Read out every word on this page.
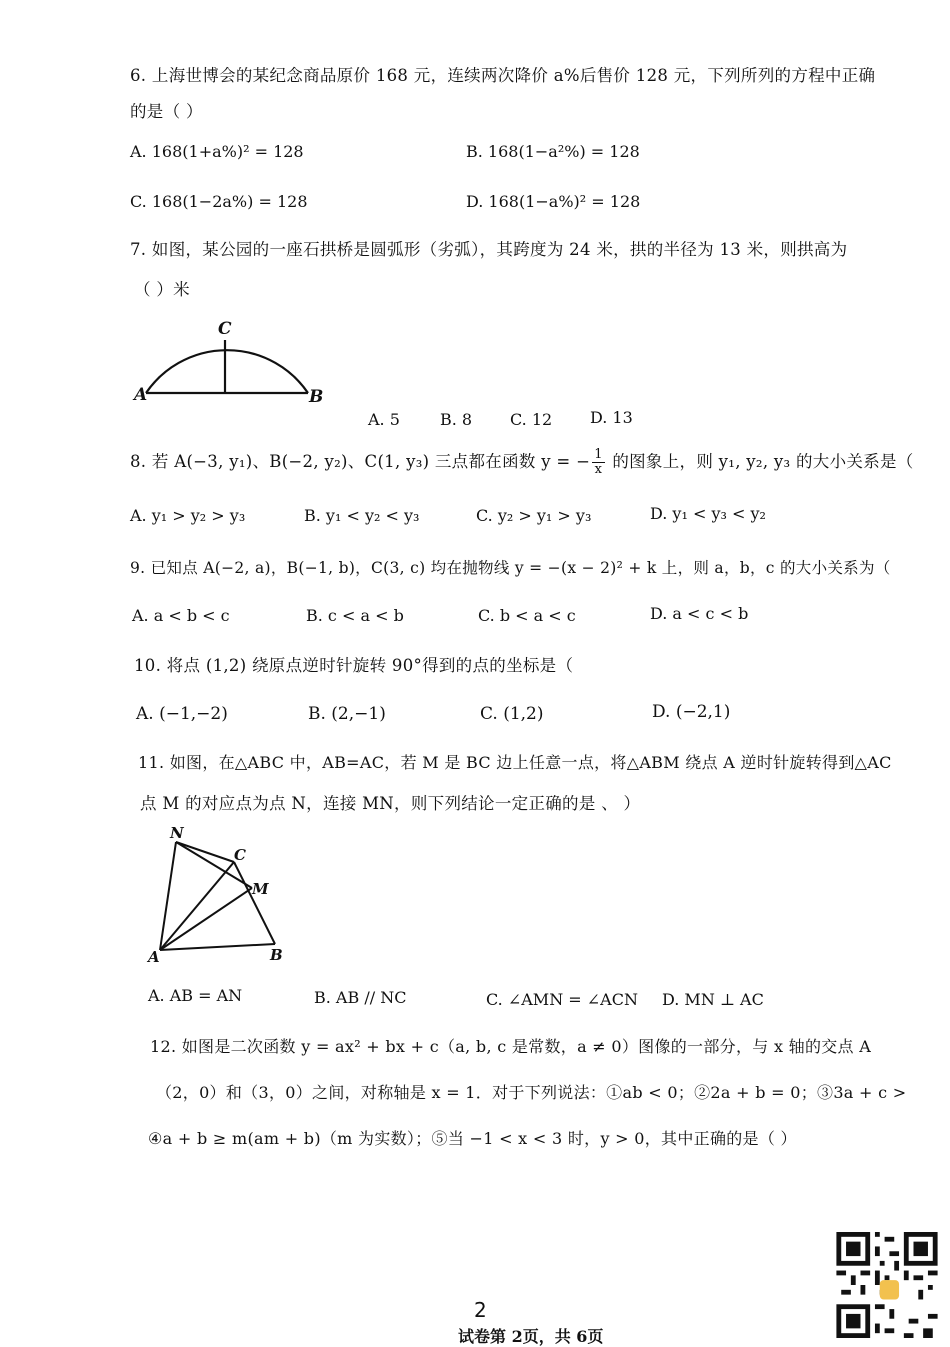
6. 上海世博会的某纪念商品原价 168 元，连续两次降价 a%后售价 128 元，下列所列的方程中正确
的是（ ）
A. 168(1+a%)² = 128	B. 168(1−a²%) = 128
C. 168(1−2a%) = 128	D. 168(1−a%)² = 128
7. 如图，某公园的一座石拱桥是圆弧形（劣弧），其跨度为 24 米，拱的半径为 13 米，则拱高为
（ ）米
C
A	B
A. 5	B. 8 C. 12 D. 13
8. 若 A(−3, y₁)、B(−2, y₂)、C(1, y₃) 三点都在函数 y = − $\frac{1}{x}$ 的图象上，则 y₁, y₂, y₃ 的大小关系是（
A. y₁ > y₂ > y₃	B. y₁ < y₂ < y₃	C. y₂ > y₁ > y₃	D. y₁ < y₃ < y₂
9. 已知点 A(−2, a)，B(−1, b)，C(3, c) 均在抛物线 y = −(x − 2)² + k 上，则 a，b，c 的大小关系为（
A. a < b < c	B. c < a < b	C. b < a < c	D. a < c < b
10. 将点 (1,2) 绕原点逆时针旋转 90°得到的点的坐标是（
A. (−1,−2)	B. (2,−1)	C. (1,2)	D. (−2,1)
11. 如图，在△ABC 中，AB=AC，若 M 是 BC 边上任意一点，将△ABM 绕点 A 逆时针旋转得到△AC
点 M 的对应点为点 N，连接 MN，则下列结论一定正确的是 、 ）
N
C
M
A	B
A. AB = AN	B. AB // NC	C. ∠AMN = ∠ACN D. MN ⊥ AC
12. 如图是二次函数 y = ax² + bx + c（a, b, c 是常数，a ≠ 0）图像的一部分，与 x 轴的交点 A
（2，0）和（3，0）之间，对称轴是 x = 1．对于下列说法：①ab < 0；②2a + b = 0；③3a + c >
④a + b ≥ m(am + b)（m 为实数）；⑤当 −1 < x < 3 时，y > 0，其中正确的是（ ）
2
试卷第 2页，共 6页
